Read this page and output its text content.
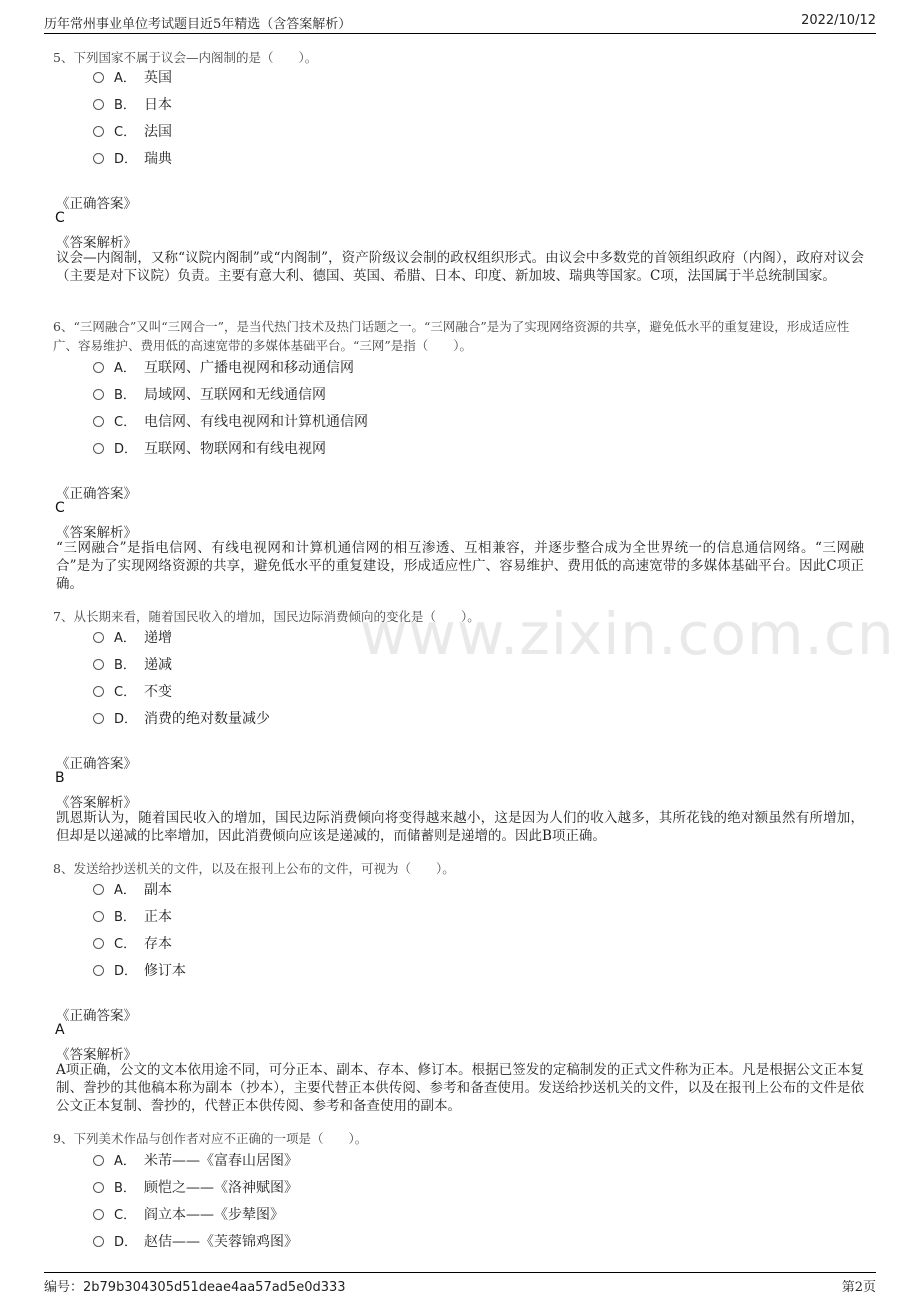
历年常州事业单位考试题目近5年精选（含答案解析）	2022/10/12
www.zixin.com.cn
5、下列国家不属于议会—内阁制的是（　　）。
A． 英国
B． 日本
C． 法国
D． 瑞典
《正确答案》
C
《答案解析》
议会—内阁制，又称“议院内阁制”或“内阁制”，资产阶级议会制的政权组织形式。由议会中多数党的首领组织政府（内阁），政府对议会（主要是对下议院）负责。主要有意大利、德国、英国、希腊、日本、印度、新加坡、瑞典等国家。C项，法国属于半总统制国家。
6、“三网融合”又叫“三网合一”，是当代热门技术及热门话题之一。“三网融合”是为了实现网络资源的共享，避免低水平的重复建设，形成适应性广、容易维护、费用低的高速宽带的多媒体基础平台。“三网”是指（　　）。
A． 互联网、广播电视网和移动通信网
B． 局域网、互联网和无线通信网
C． 电信网、有线电视网和计算机通信网
D． 互联网、物联网和有线电视网
《正确答案》
C
《答案解析》
“三网融合”是指电信网、有线电视网和计算机通信网的相互渗透、互相兼容，并逐步整合成为全世界统一的信息通信网络。“三网融合”是为了实现网络资源的共享，避免低水平的重复建设，形成适应性广、容易维护、费用低的高速宽带的多媒体基础平台。因此C项正确。
7、从长期来看，随着国民收入的增加，国民边际消费倾向的变化是（　　）。
A． 递增
B． 递减
C． 不变
D． 消费的绝对数量减少
《正确答案》
B
《答案解析》
凯恩斯认为，随着国民收入的增加，国民边际消费倾向将变得越来越小，这是因为人们的收入越多，其所花钱的绝对额虽然有所增加，但却是以递减的比率增加，因此消费倾向应该是递减的，而储蓄则是递增的。因此B项正确。
8、发送给抄送机关的文件，以及在报刊上公布的文件，可视为（　　）。
A． 副本
B． 正本
C． 存本
D． 修订本
《正确答案》
A
《答案解析》
A项正确，公文的文本依用途不同，可分正本、副本、存本、修订本。根据已签发的定稿制发的正式文件称为正本。凡是根据公文正本复制、誊抄的其他稿本称为副本（抄本），主要代替正本供传阅、参考和备查使用。发送给抄送机关的文件，以及在报刊上公布的文件是依公文正本复制、誊抄的，代替正本供传阅、参考和备查使用的副本。
9、下列美术作品与创作者对应不正确的一项是（　　）。
A． 米芾——《富春山居图》
B． 顾恺之——《洛神赋图》
C． 阎立本——《步辇图》
D． 赵佶——《芙蓉锦鸡图》
编号：2b79b304305d51deae4aa57ad5e0d333	第2页
